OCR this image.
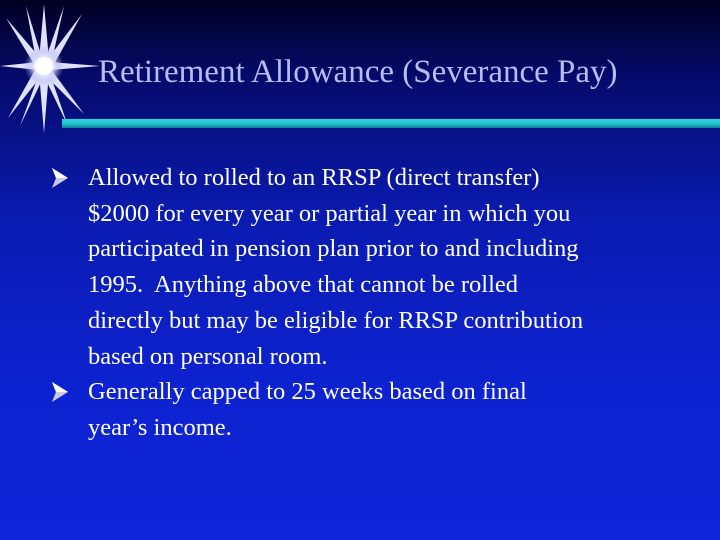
Retirement Allowance (Severance Pay)
Allowed to rolled to an RRSP (direct transfer)
$2000 for every year or partial year in which you
participated in pension plan prior to and including
1995.  Anything above that cannot be rolled
directly but may be eligible for RRSP contribution
based on personal room.
Generally capped to 25 weeks based on final
year’s income.
